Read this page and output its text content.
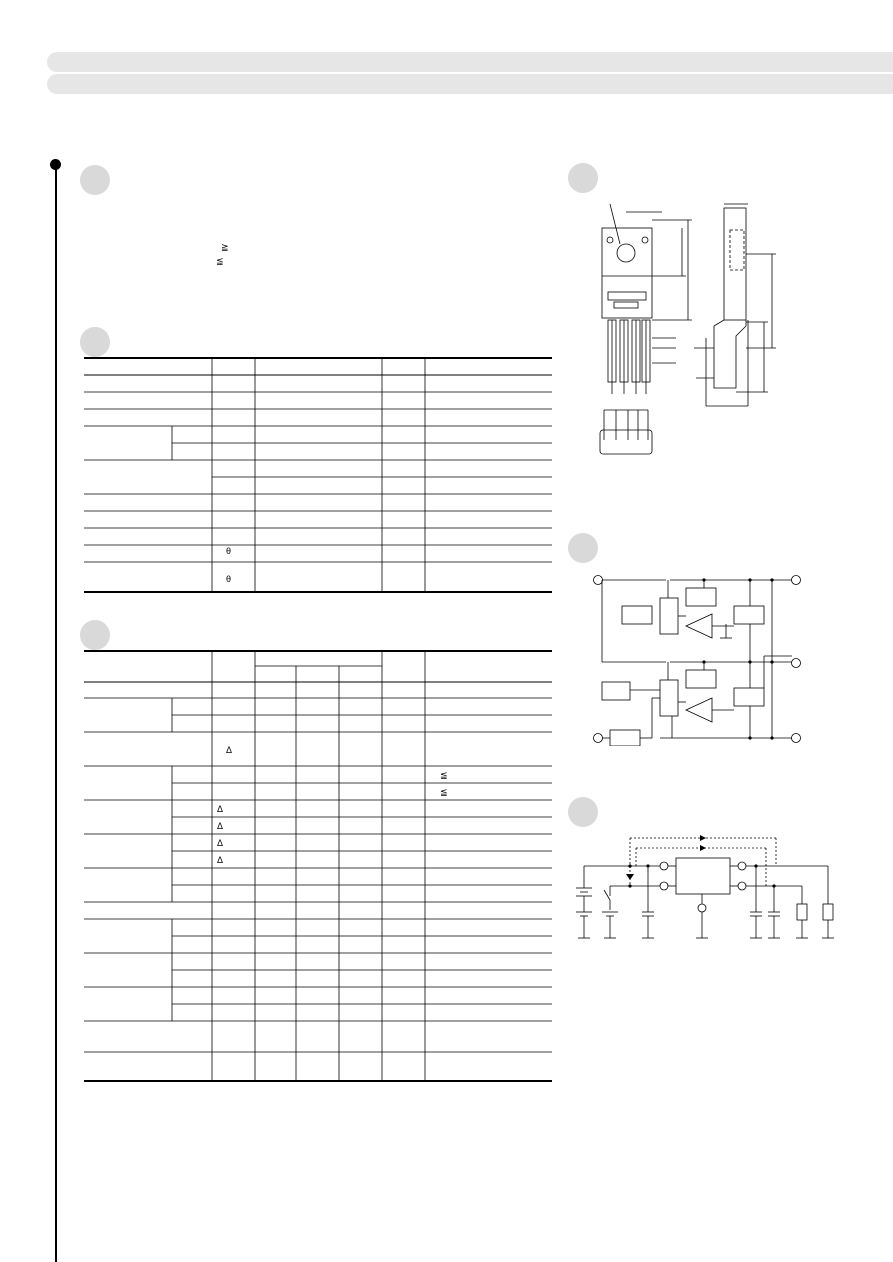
≧
≦
θ
θ
Δ
Δ
Δ
Δ
Δ
≦
≦
